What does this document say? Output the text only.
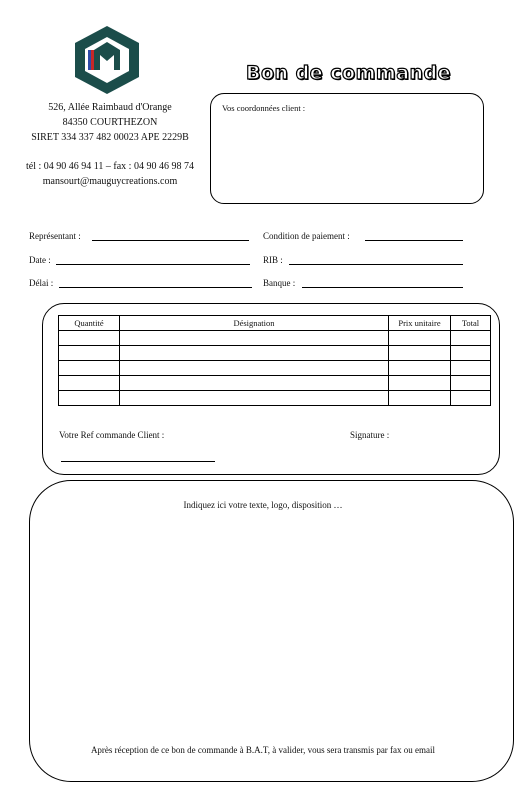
526, Allée Raimbaud d'Orange
84350 COURTHEZON
SIRET 334 337 482 00023 APE 2229B
tél : 04 90 46 94 11 – fax : 04 90 46 98 74
mansourt@mauguycreations.com
Bon de commande
Vos coordonnées client :
Représentant :	Condition de paiement :
Date :	RIB :
Délai :	Banque :
Quantité	Désignation	Prix unitaire	Total

Votre Ref commande Client :	Signature :
Indiquez ici votre texte, logo, disposition …
Après réception de ce bon de commande à B.A.T, à valider, vous sera transmis par fax ou email
